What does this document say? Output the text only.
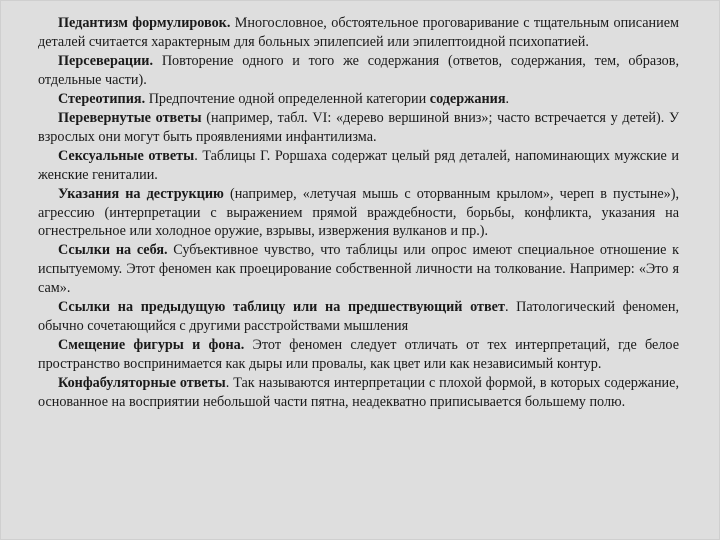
Педантизм формулировок. Многословное, обстоятельное проговаривание с тщательным описанием деталей считается характерным для больных эпилепсией или эпилептоидной психопатией.

Персеверации. Повторение одного и того же содержания (ответов, содержания, тем, образов, отдельные части).

Стереотипия. Предпочтение одной определенной категории содержания.

Перевернутые ответы (например, табл. VI: «дерево вершиной вниз»; часто встречается у детей). У взрослых они могут быть проявлениями инфантилизма.

Сексуальные ответы. Таблицы Г. Роршаха содержат целый ряд деталей, напоминающих мужские и женские гениталии.

Указания на деструкцию (например, «летучая мышь с оторванным крылом», череп в пустыне»), агрессию (интерпретации с выражением прямой враждебности, борьбы, конфликта, указания на огнестрельное или холодное оружие, взрывы, извержения вулканов и пр.).

Ссылки на себя. Субъективное чувство, что таблицы или опрос имеют специальное отношение к испытуемому. Этот феномен как проецирование собственной личности на толкование. Например: «Это я сам».

Ссылки на предыдущую таблицу или на предшествующий ответ. Патологический феномен, обычно сочетающийся с другими расстройствами мышления

Смещение фигуры и фона. Этот феномен следует отличать от тех интерпретаций, где белое пространство воспринимается как дыры или провалы, как цвет или как независимый контур.

Конфабуляторные ответы. Так называются интерпретации с плохой формой, в которых содержание, основанное на восприятии небольшой части пятна, неадекватно приписывается большему полю.
